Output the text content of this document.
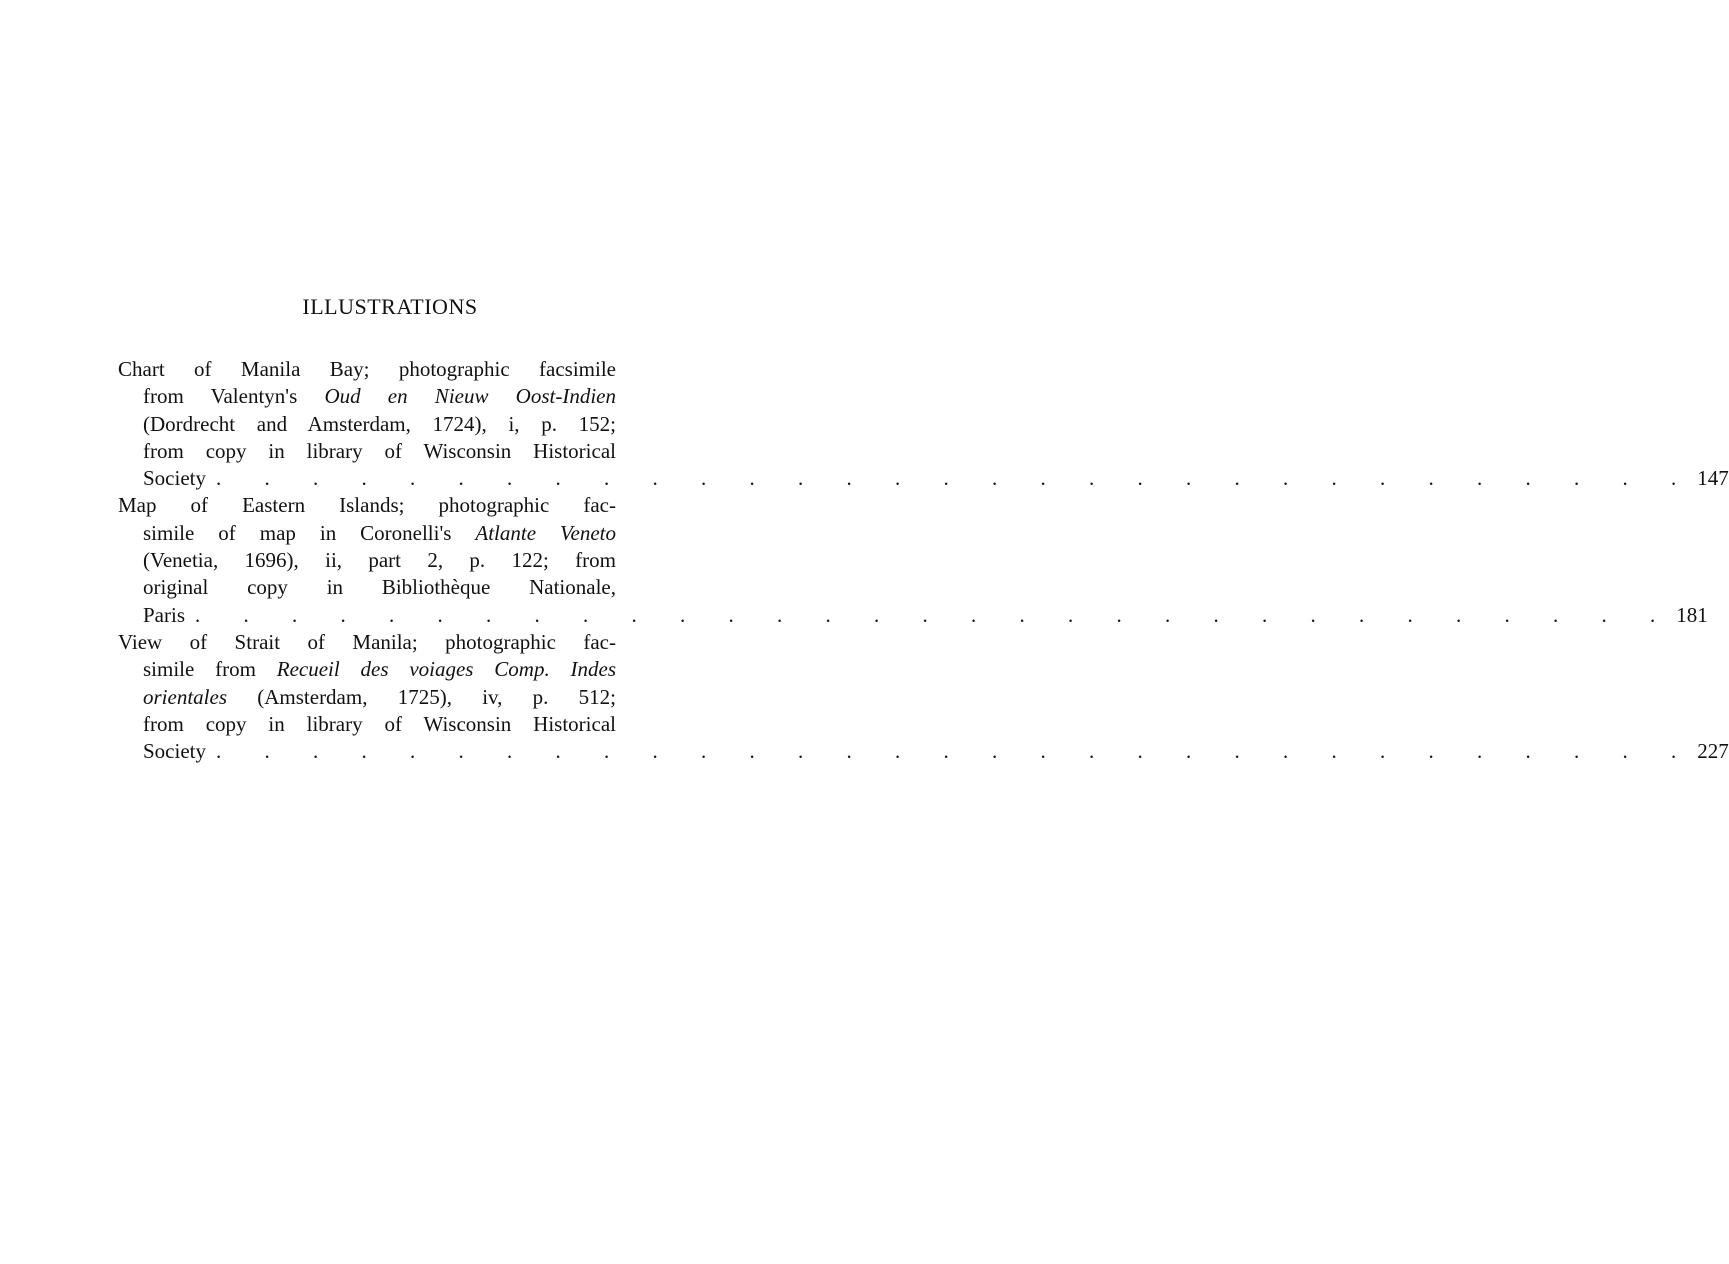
ILLUSTRATIONS
Chart of Manila Bay; photographic facsimile
from Valentyn's Oud en Nieuw Oost-Indien
(Dordrecht and Amsterdam, 1724), i, p. 152;
from copy in library of Wisconsin Historical
Society . . . . . . . . . . . . . . . . . . . . . . . . . . . . . . . 147
Map of Eastern Islands; photographic fac-
simile of map in Coronelli's Atlante Veneto
(Venetia, 1696), ii, part 2, p. 122; from
original copy in Bibliothèque Nationale,
Paris . . . . . . . . . . . . . . . . . . . . . . . . . . . . . . . 181
View of Strait of Manila; photographic fac-
simile from Recueil des voiages Comp. Indes
orientales (Amsterdam, 1725), iv, p. 512;
from copy in library of Wisconsin Historical
Society . . . . . . . . . . . . . . . . . . . . . . . . . . . . . . . 227
